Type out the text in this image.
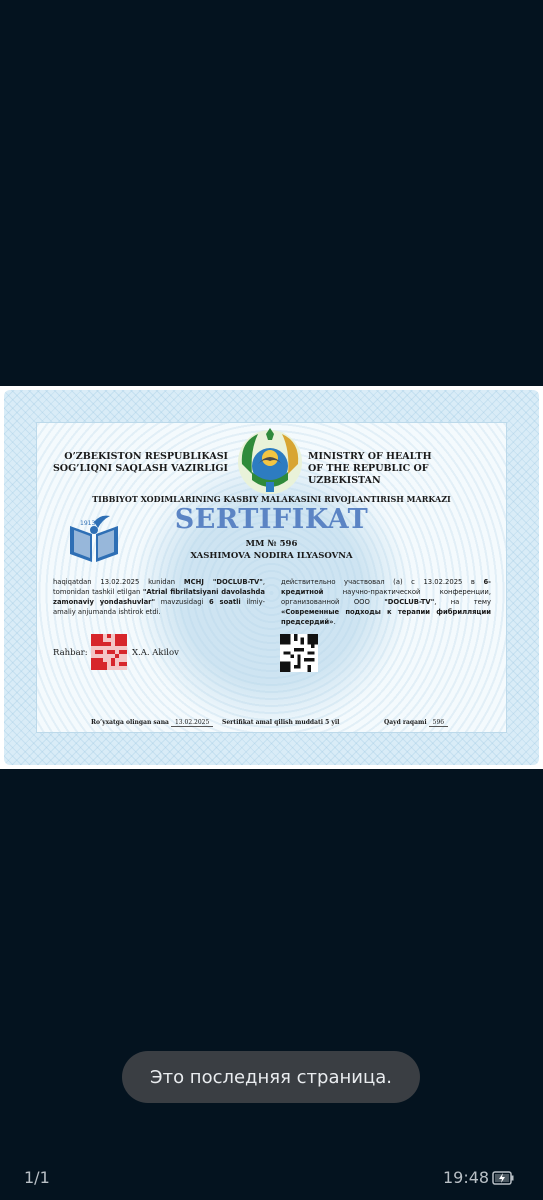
O’ZBEKISTON RESPUBLIKASI
SOG’LIQNI SAQLASH VAZIRLIGI
MINISTRY OF HEALTH
OF THE REPUBLIC OF UZBEKISTAN
TIBBIYOT XODIMLARINING KASBIY MALAKASINI RIVOJLANTIRISH MARKAZI
1913	SERTIFIKAT
MM № 596
XASHIMOVA NODIRA ILYASOVNA
haqiqatdan 13.02.2025 kunidan MCHJ "DOCLUB-TV", tomonidan tashkil etilgan "Atrial fibrilatsiyani davolashda zamonaviy yondashuvlar" mavzusidagi 6 soatli ilmiy-amaliy anjumanda ishtirok etdi.
действительно участвовал (а) с 13.02.2025 в 6-кредитной научно-практической конференции, организованной ООО "DOCLUB-TV", на тему «Современные подходы к терапии фибрилляции предсердий».
Rahbar:	X.A. Akilov
Ro’yxatga olingan sana 13.02.2025	Sertifikat amal qilish muddati 5 yil	Qayd raqami 596
Это последняя страница.
1/1	19:48
